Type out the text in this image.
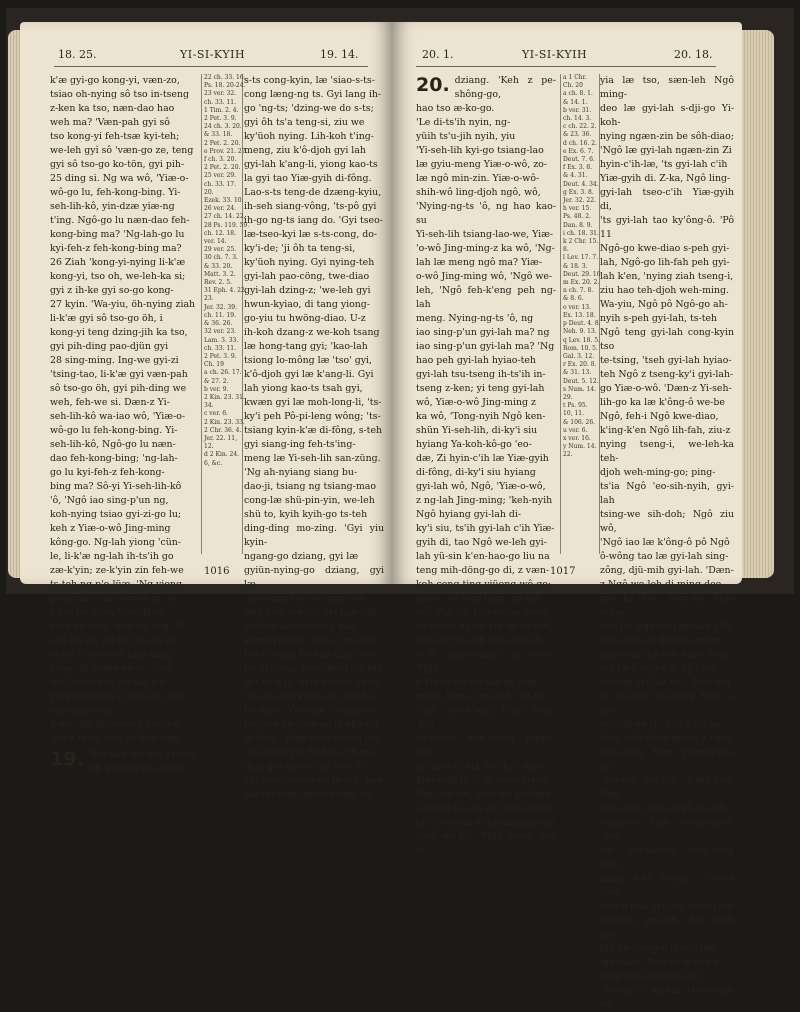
18. 25.	YI-SI-KYIH	19. 14.
k'æ gyi-go kong-yi, væn-zo,
tsiao oh-nying sô tso in-tseng
z-ken ka tso, næn-dao hao
weh ma? 'Væn-pah gyi sô
tso kong-yi feh-tsæ kyi-teh;
we-leh gyi sô 'væn-go ze, teng
gyi sô tso-go ko-tön, gyi pih-
25 ding si. Ng wa wô, 'Yiæ-o-
wô-go lu, feh-kong-bing. Yi-
seh-lih-kô, yin-dzæ yiæ-ng
t'ing. Ngô-go lu næn-dao feh-
kong-bing ma? 'Ng-lah-go lu
kyi-feh-z feh-kong-bing ma?
26 Ziah 'kong-yi-nying li-k'æ
kong-yi, tso oh, we-leh-ka si;
gyi z ih-ke gyi so-go kong-
27 kyin. 'Wa-yiu, öh-nying ziah
li-k'æ gyi sô tso-go öh, i
kong-yi teng dzing-jih ka tso,
gyi pih-ding pao-djün gyi
28 sing-ming. Ing-we gyi-zi
'tsing-tao, li-k'æ gyi væn-pah
sô tso-go öh, gyi pih-ding we
weh, feh-we si. Dæn-z Yi-
seh-lih-kô wa-iao wô, 'Yiæ-o-
wô-go lu feh-kong-bing. Yi-
seh-lih-kô, Ngô-go lu næn-
dao feh-kong-bing; 'ng-lah-
go lu kyi-feh-z feh-kong-
bing ma? Sô-yi Yi-seh-lih-kô
'ô, 'Ngô iao sing-p'un ng,
koh-nying tsiao gyi-zi-go lu;
keh z Yiæ-o-wô Jing-ming
kông-go. Ng-lah yiong 'cün-
le, li-k'æ ng-lah ih-ts'ih go
zæ-k'yin; ze-k'yin zin feh-we
ts-teh ng p'o-lüæ. 'Ng yiong
pô ng ih-ts'ih sô væn-go ze-
k'yin tiu-diao; 'zao-dzing
sing-go sing, sing-go ling; Yi-
seh-lih kô, ng-lah we-sa iao
si ni? 'Yiæ-o-wô Jing-ming
kông, Si nying-go si, 'Ngô
feh-hwun-hyi; ng-lah kæ-
ying tsün yiæ zi cün-læ, hao
teh-djoh weh.
2 wô, Ng ah-nyiang z soh-zi
'ziu-z ts-ts, boh læ keh-sing
19. 'Ng hao we-leh Yi-seh-lih 'eo-pah tso æ-ko,
22 ch. 33. 16.
Ps. 18. 20-24.
23 ver. 32.
ch. 33. 11.
1 Tim. 2. 4.
2 Pet. 3. 9.
24 ch. 3. 20.
& 33. 18.
2 Pet. 2. 20.
e Prov. 21. 27.
f ch. 3. 20.
2 Pet. 2. 20.
25 ver. 29.
ch. 33. 17.
20.
Ezek. 33. 10.
26 ver. 24.
27 ch. 14. 22.
28 Ps. 119. 59.
ch. 12. 18.
ver. 14.
29 ver. 25.
30 ch. 7. 3.
& 33. 20.
Matt. 3. 2.
Rev. 2. 5.
31 Eph. 4. 22,
23.
Jer. 32. 39.
ch. 11. 19.
& 36. 26.
32 ver. 23.
Lam. 3. 33.
ch. 33. 11.
2 Pet. 3. 9.
Ch. 19
a ch. 26. 17.
& 27. 2.
b ver. 9.
2 Kin. 23. 31.
34.
c ver. 6.
2 Kin. 23. 33.
2 Chr. 36. 4.
Jer. 22. 11,
12.
d 2 Kin. 24.
6, &c.
s-ts cong-kyin, læ 'siao-s-ts-
cong læng-ng ts. Gyi lang ih-
go 'ng-ts; 'dzing-we do s-ts;
gyi ôh ts'a teng-si, ziu we
ky'üoh nying. Lih-koh t'ing-
meng, ziu k'ô-djoh gyi lah
gyi-lah k'ang-li, yiong kao-ts
la gyi tao Yiæ-gyih di-fông.
Lao-s-ts teng-de dzæng-kyiu,
ih-seh siang-vông, 'ts-pô gyi
ih-go ng-ts iang do. 'Gyi tseo-
læ-tseo-kyi læ s-ts-cong, do-
ky'i-de; 'ji ôh ta teng-si,
ky'üoh nying. Gyi nying-teh
gyi-lah pao-cöng, twe-diao
gyi-lah dzing-z; 'we-leh gyi
hwun-kyiao, di tang yiong-
go-yiu tu hwöng-diao. U-z
ih-koh dzang-z we-koh tsang
læ hong-tang gyi; 'kao-lah
tsiong lo-mông læ 'tso' gyi,
k'ô-djoh gyi læ k'ang-li. Gyi
lah yiong kao-ts tsah gyi,
kwæn gyi læ moh-long-li, 'ts-
ky'i peh Pô-pi-leng wông; 'ts-
tsiang kyin-k'æ di-fông, s-teh
gyi siang-ing feh-ts'ing-
meng læ Yi-seh-lih san-züng.
'Ng ah-nyiang siang bu-
dao-ji, tsiang ng tsiang-mao
cong-læ shü-pin-yin, we-leh
shü to, kyih kyih-go ts-teh
ding-ding mo-zing. 'Gyi yiu kyin-
ngang-go dziang, gyi læ
gyiün-nying-go dziang, gyi læ
meo-zing ken-ts-cong sön-
ting kao, we-leh gyi kao-c'ih
hyiü-to ken-ts-cong hao
k'en-kyin-go. 'Dæn-z gyi we-
leh ô-wông be bah-diao, tiu-
læ di-zông, 'tong-fong c'ü-pih
gyi ko-k'ü; 'kyin-ngang-go ts-
tao ao-dön kw'ü-sao, 'be ho
læ-diao. 'Yiu-dzæ z cong-læ
kw'öng-ün kæn-ao ih-shü-go
di-fông. 'Ping-ts'ia dzong gyi
dao-cong yiu ho fah-c'ih me-
diao gyi ko-ts; 'gyi tsæ ih-
yiu kyin-ngang-go ts-teh, hao
tao læ cöng-gyün-nying-go
1016
20. 1.	YI-SI-KYIH	20. 18.
20. dziang. 'Keh z pe-shông-go,
hao tso æ-ko-go.
'Le di-ts'ih nyin, ng-
yüih ts'u-jih nyih, yiu
'Yi-seh-lih kyi-go tsiang-lao
læ gyiu-meng Yiæ-o-wô, zo-
læ ngô min-zin. Yiæ-o-wô-
shih-wô ling-djoh ngô, wô,
'Nying-ng-ts 'ô, ng hao kao-su
Yi-seh-lih tsiang-lao-we, Yiæ-
'o-wô Jing-ming-z ka wô, 'Ng-
lah læ meng ngô ma? Yiæ-
o-wô Jing-ming wô, 'Ngô we-
leh, 'Ngô feh-k'eng peh ng-lah
meng. Nying-ng-ts 'ô, ng
iao sing-p'un gyi-lah ma? ng
iao sing-p'un gyi-lah ma? 'Ng
hao peh gyi-lah hyiao-teh
gyi-lah tsu-tseng ih-ts'ih in-
tseng z-ken; yi teng gyi-lah
wô, Yiæ-o-wô Jing-ming z
ka wô, 'Tong-nyih Ngô ken-
shün Yi-seh-lih, di-ky'i siu
hyiang Ya-koh-kô-go 'eo-
dæ, Zi hyin-c'ih læ Yiæ-gyih
di-fông, di-ky'i siu hyiang
gyi-lah wô, Ngô, 'Yiæ-o-wô,
z ng-lah Jing-ming; 'keh-nyih
Ngô hyiang gyi-lah di-
ky'i siu, ts'ih gyi-lah c'ih Yiæ-
gyih di, tao Ngô we-leh gyi-
lah yü-sin k'en-hao-go liu na
teng mih-döng-go di, z væn-
koh-cong ting yiüong-wô-go;
keh-z 'eo Ngô teng gyi-lah
wô, 'Ng-lah koh-nying yiong
ky'i-diao ngæn-zin-go in-veh,
'feh-iao we-leh Yiæ-gyih ih-
ts'ih ngeo-ziang zi u-we; 'Ngô
z Yiæ-o-wô ng-lah-go Jing-
ming. Dæn-z gyi-lah 'we-be
Ngô, feh-k'ong t'ing Ngô, 'feh
ky'i-diao koh-nying ngæn-zin-
go in-veh, yia 'feh ky'i-diao
Yiæ-gyih ih-ts'ih ngeo-ziang.
Ngô ziu wô, Ngô iao pô Ngô
ô-wông tao-læ gyi sing-zông,
læ Yiæ-gyih di hyiang gyi-lah
Ngô we-leh 'Ngô ming deo ih-
a 1 Chr.
Ch. 20
a ch. 8. 1.
& 14. 1.
b ver. 31.
ch. 14. 3.
c ch. 22. 2.
& 23. 36.
d ch. 16. 2.
e Ex. 6. 7.
Deut. 7. 6.
f Ex. 3. 8.
& 4. 31.
Deut. 4. 34.
g Ex. 3. 8.
Jer. 32. 22.
h ver. 15.
Ps. 48. 2.
Dan. 8. 9.
i ch. 18. 31.
k 2 Chr. 15.
8.
l Lev. 17. 7.
& 18. 3.
Deut. 29. 16.
m Ex. 20. 2.
n ch. 7. 8.
& 8. 6.
o ver. 13.
Ex. 13. 18.
p Deut. 4. 8.
Neh. 9. 13.
q Lev. 18. 5.
Rom. 10. 5.
Gal. 3. 12.
r Ex. 20. 8.
& 31. 13.
Deut. 5. 12.
s Num. 14.
29.
t Ps. 95.
10, 11.
& 106. 26.
u ver. 6.
x ver. 16.
y Num. 14.
22.
yia læ tso, sæn-leh Ngô ming-
deo læ gyi-lah s-dji-go Yi-koh-
nying ngæn-zin be sôh-diao;
'Ngô læ gyi-lah ngæn-zin Zi
hyin-c'ih-læ, 'ts gyi-lah c'ih
Yiæ-gyih di. Z-ka, Ngô ling-
gyi-lah tseo-c'ih Yiæ-gyih di,
'ts gyi-lah tao ky'ông-ô. 'Pô 11
Ngô-go kwe-diao s-peh gyi-
lah, Ngô-go lih-fah peh gyi-
lah k'en, 'nying ziah tseng-i,
ziu hao teh-djoh weh-ming.
Wa-yiu, Ngô pô Ngô-go ah-
nyih s-peh gyi-lah, ts-teh
Ngô teng gyi-lah cong-kyin tso
te-tsing, 'tseh gyi-lah hyiao-
teh Ngô z tseng-ky'i gyi-lah-
go Yiæ-o-wô. 'Dæn-z Yi-seh-
lih-go ka læ k'ông-ô we-be
Ngô, feh-i Ngô kwe-diao,
k'ing-k'en Ngô lih-fah, ziu-z
nying tseng-i, we-leh-ka teh-
djoh weh-ming-go; ping-
ts'ia Ngô 'eo-sih-nyih, gyi-lah
tsing-we sih-doh; Ngô ziu wô,
'Ngô iao læ k'ông-ô pô Ngô
ô-wông tao læ gyi-lah sing-
zông, djü-mih gyi-lah. 'Dæn-
z Ngô we-leh di ming-deo
yiu ka tso, sæn-leh Ngô ming-
deo læ Ngô ling gyi-lah c'ih
Yiæ-gyih-go lih-koh-nying
ngæn-zin be sôh-diao. 'Ngô
yia læ k'ông-ô di-ky'i siu
hyiang gyi-lah wô, 'Ngô feh
ts gyi-lah tao-tsing Ngô s-peh
gyi-lah-go ti, 'keh-z liu na
teng mih-döng-go di, z væn-
koh-cong ting yiüong-wô-go;
'ing-we gyi-lah k'ing-k'en Ngô
kwe-diao, feh-i Ngô lih-fah,
tsing-we Ngô eo-sih-nyih, 'ing-
we gyi-lah-go sing-zông tseh
kang ü-ts iu-ing. 'Dæn-z Ngô
ngæn-pah gyi-lah, ts-teh feh
djü-mih gyi-lah, feh tseh gyi-
lah læ k'ông-ô ts-teh mih-
djü-diao. 'Ngô læ k'ông-ô
teng gyi-lah ng-ts wô,
'feh-iao i ng-lah tsu-tseng-go
1017
